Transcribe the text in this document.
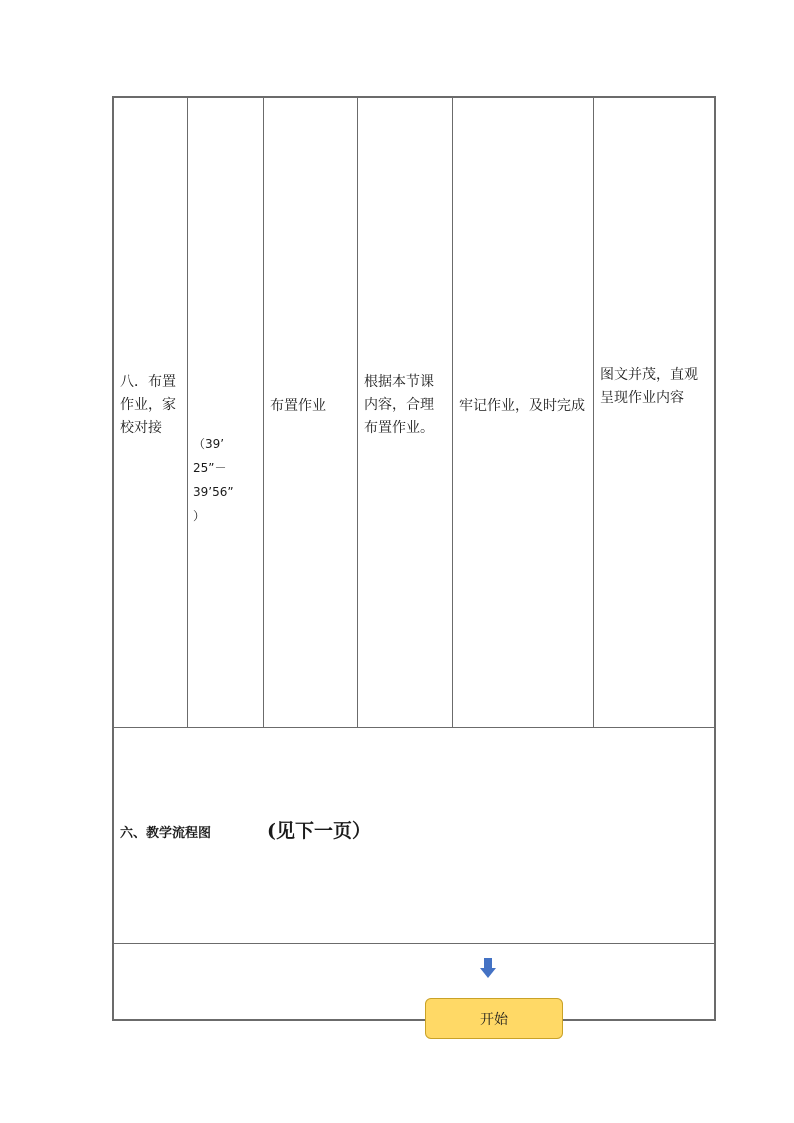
八．布置
作业，家
校对接
（39’
25”－
39’56”
）
布置作业
根据本节课
内容，合理
布置作业。
牢记作业，及时完成
图文并茂，直观
呈现作业内容
六、教学流程图	(见下一页）
开始
